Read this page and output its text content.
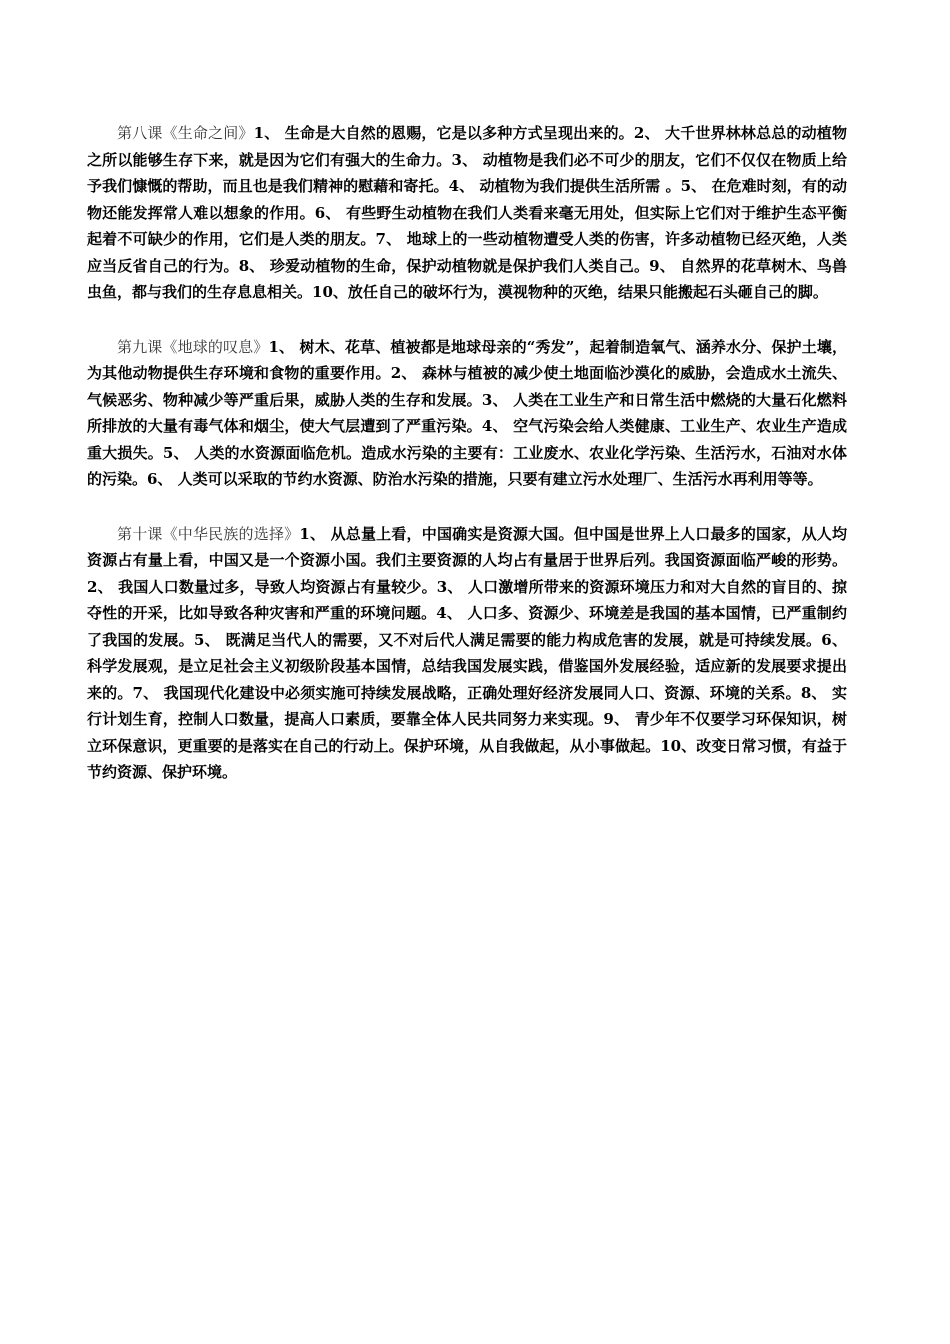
第八课《生命之间》1、 生命是大自然的恩赐，它是以多种方式呈现出来的。2、 大千世界林林总总的动植物之所以能够生存下来，就是因为它们有强大的生命力。3、 动植物是我们必不可少的朋友，它们不仅仅在物质上给予我们慷慨的帮助，而且也是我们精神的慰藉和寄托。4、 动植物为我们提供生活所需 。5、 在危难时刻，有的动物还能发挥常人难以想象的作用。6、 有些野生动植物在我们人类看来毫无用处，但实际上它们对于维护生态平衡起着不可缺少的作用，它们是人类的朋友。7、 地球上的一些动植物遭受人类的伤害，许多动植物已经灭绝，人类应当反省自己的行为。8、 珍爱动植物的生命，保护动植物就是保护我们人类自己。9、 自然界的花草树木、鸟兽虫鱼，都与我们的生存息息相关。10、放任自己的破坏行为，漠视物种的灭绝，结果只能搬起石头砸自己的脚。

第九课《地球的叹息》1、 树木、花草、植被都是地球母亲的“秀发”，起着制造氧气、涵养水分、保护土壤，为其他动物提供生存环境和食物的重要作用。2、 森林与植被的减少使土地面临沙漠化的威胁，会造成水土流失、气候恶劣、物种减少等严重后果，威胁人类的生存和发展。3、 人类在工业生产和日常生活中燃烧的大量石化燃料所排放的大量有毒气体和烟尘，使大气层遭到了严重污染。4、 空气污染会给人类健康、工业生产、农业生产造成重大损失。5、 人类的水资源面临危机。造成水污染的主要有：工业废水、农业化学污染、生活污水，石油对水体的污染。6、 人类可以采取的节约水资源、防治水污染的措施，只要有建立污水处理厂、生活污水再利用等等。

第十课《中华民族的选择》1、 从总量上看，中国确实是资源大国。但中国是世界上人口最多的国家，从人均资源占有量上看，中国又是一个资源小国。我们主要资源的人均占有量居于世界后列。我国资源面临严峻的形势。2、 我国人口数量过多，导致人均资源占有量较少。3、 人口激增所带来的资源环境压力和对大自然的盲目的、掠夺性的开采，比如导致各种灾害和严重的环境问题。4、 人口多、资源少、环境差是我国的基本国情，已严重制约了我国的发展。5、 既满足当代人的需要，又不对后代人满足需要的能力构成危害的发展，就是可持续发展。6、 科学发展观，是立足社会主义初级阶段基本国情，总结我国发展实践，借鉴国外发展经验，适应新的发展要求提出来的。7、 我国现代化建设中必须实施可持续发展战略，正确处理好经济发展同人口、资源、环境的关系。8、 实行计划生育，控制人口数量，提高人口素质，要靠全体人民共同努力来实现。9、 青少年不仅要学习环保知识，树立环保意识，更重要的是落实在自己的行动上。保护环境，从自我做起，从小事做起。10、改变日常习惯，有益于节约资源、保护环境。
